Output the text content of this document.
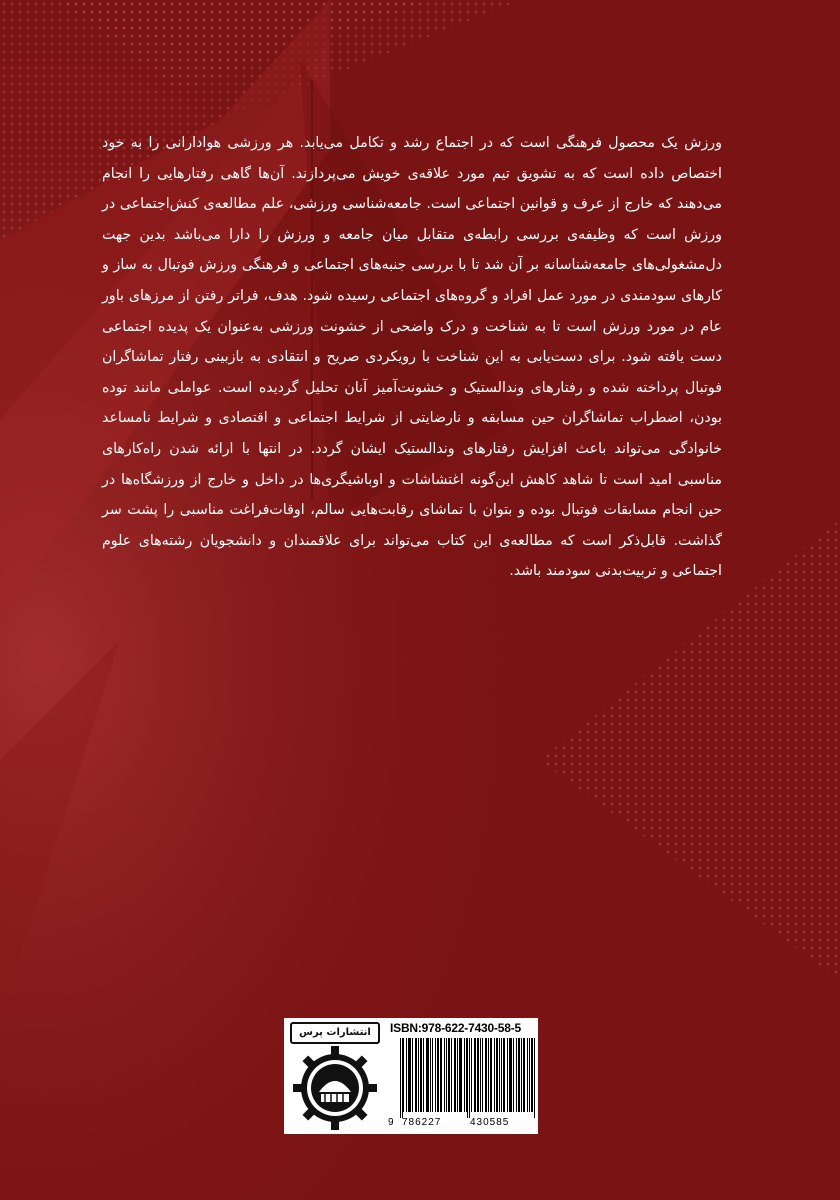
ورزش یک محصول فرهنگی است که در اجتماع رشد و تکامل می‌یابد. هر ورزشی هوادارانی را به خود اختصاص داده است که به تشویق تیم مورد علاقه‌ی خویش می‌پردازند. آن‌ها گاهی رفتارهایی را انجام می‌دهند که خارج از عرف و قوانین اجتماعی است. جامعه‌شناسی ورزشی، علم مطالعه‌ی کنش‌اجتماعی در ورزش است که وظیفه‌ی بررسی رابطه‌ی متقابل میان جامعه و ورزش را دارا می‌باشد بدین جهت دل‌مشغولی‌های جامعه‌شناسانه بر آن شد تا با بررسی جنبه‌های اجتماعی و فرهنگی ورزش فوتبال به ساز و کارهای سودمندی در مورد عمل افراد و گروه‌های اجتماعی رسیده شود. هدف، فراتر رفتن از مرزهای باور عام در مورد ورزش است تا به شناخت و درک واضحی از خشونت ورزشی به‌عنوان یک پدیده اجتماعی دست یافته شود. برای دست‌یابی به این شناخت با رویکردی صریح و انتقادی به بازبینی رفتار تماشاگران فوتبال پرداخته شده و رفتارهای وندالستیک و خشونت‌آمیز آنان تحلیل گردیده است. عواملی مانند توده بودن، اضطراب تماشاگران حین مسابقه و نارضایتی از شرایط اجتماعی و اقتصادی و شرایط نامساعد خانوادگی می‌تواند باعث افزایش رفتارهای وندالستیک ایشان گردد. در انتها با ارائه شدن راه‌کارهای مناسبی امید است تا شاهد کاهش این‌گونه اغتشاشات و اوباشیگری‌ها در داخل و خارج از ورزشگاه‌ها در حین انجام مسابقات فوتبال بوده و بتوان با تماشای رقابت‌هایی سالم، اوقات‌فراغت مناسبی را پشت سر گذاشت. قابل‌ذکر است که مطالعه‌ی این کتاب می‌تواند برای علاقمندان و دانشجویان رشته‌های علوم اجتماعی و تربیت‌بدنی سودمند باشد.

انتشارات پرس	ISBN:978-622-7430-58-5
9 786227	430585
